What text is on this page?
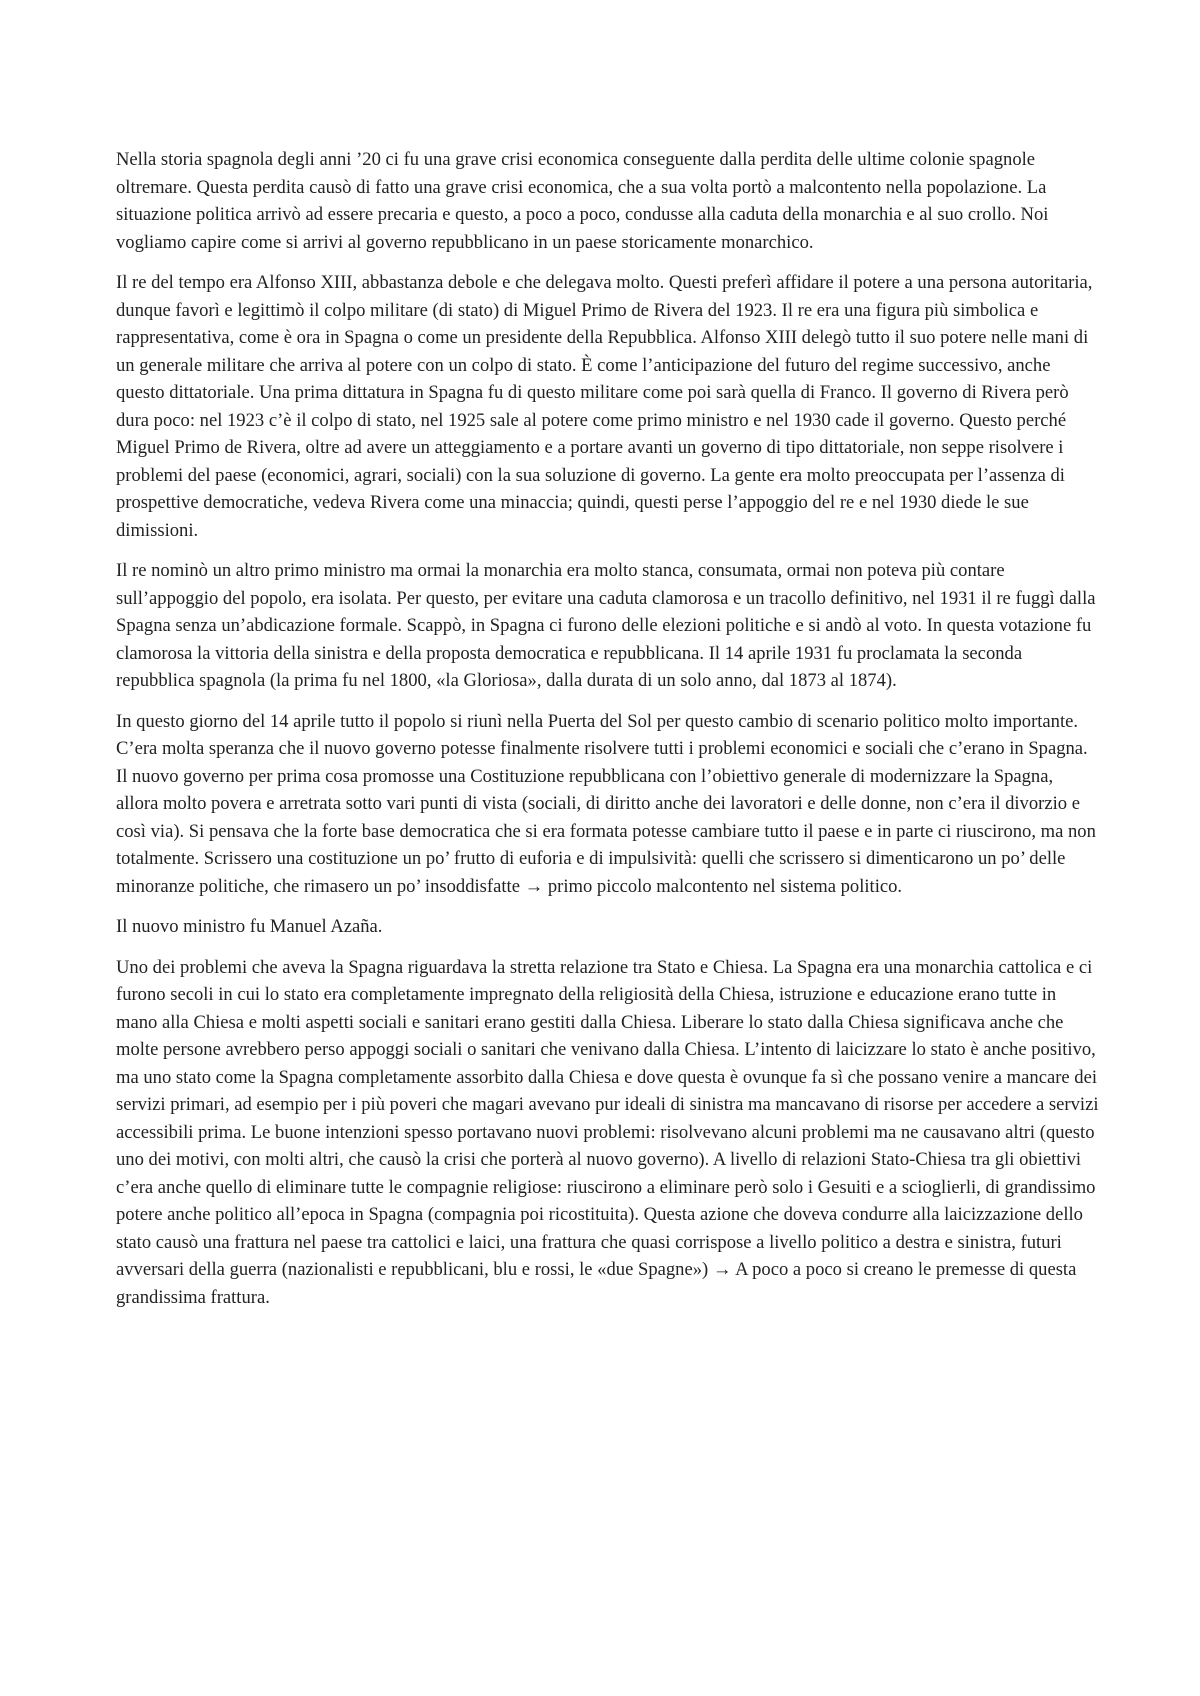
Nella storia spagnola degli anni ’20 ci fu una grave crisi economica conseguente dalla perdita delle ultime colonie spagnole oltremare. Questa perdita causò di fatto una grave crisi economica, che a sua volta portò a malcontento nella popolazione. La situazione politica arrivò ad essere precaria e questo, a poco a poco, condusse alla caduta della monarchia e al suo crollo. Noi vogliamo capire come si arrivi al governo repubblicano in un paese storicamente monarchico.

Il re del tempo era Alfonso XIII, abbastanza debole e che delegava molto. Questi preferì affidare il potere a una persona autoritaria, dunque favorì e legittimò il colpo militare (di stato) di Miguel Primo de Rivera del 1923. Il re era una figura più simbolica e rappresentativa, come è ora in Spagna o come un presidente della Repubblica. Alfonso XIII delegò tutto il suo potere nelle mani di un generale militare che arriva al potere con un colpo di stato. È come l’anticipazione del futuro del regime successivo, anche questo dittatoriale. Una prima dittatura in Spagna fu di questo militare come poi sarà quella di Franco. Il governo di Rivera però dura poco: nel 1923 c’è il colpo di stato, nel 1925 sale al potere come primo ministro e nel 1930 cade il governo. Questo perché Miguel Primo de Rivera, oltre ad avere un atteggiamento e a portare avanti un governo di tipo dittatoriale, non seppe risolvere i problemi del paese (economici, agrari, sociali) con la sua soluzione di governo. La gente era molto preoccupata per l’assenza di prospettive democratiche, vedeva Rivera come una minaccia; quindi, questi perse l’appoggio del re e nel 1930 diede le sue dimissioni.

Il re nominò un altro primo ministro ma ormai la monarchia era molto stanca, consumata, ormai non poteva più contare sull’appoggio del popolo, era isolata. Per questo, per evitare una caduta clamorosa e un tracollo definitivo, nel 1931 il re fuggì dalla Spagna senza un’abdicazione formale. Scappò, in Spagna ci furono delle elezioni politiche e si andò al voto. In questa votazione fu clamorosa la vittoria della sinistra e della proposta democratica e repubblicana. Il 14 aprile 1931 fu proclamata la seconda repubblica spagnola (la prima fu nel 1800, «la Gloriosa», dalla durata di un solo anno, dal 1873 al 1874).

In questo giorno del 14 aprile tutto il popolo si riunì nella Puerta del Sol per questo cambio di scenario politico molto importante. C’era molta speranza che il nuovo governo potesse finalmente risolvere tutti i problemi economici e sociali che c’erano in Spagna. Il nuovo governo per prima cosa promosse una Costituzione repubblicana con l’obiettivo generale di modernizzare la Spagna, allora molto povera e arretrata sotto vari punti di vista (sociali, di diritto anche dei lavoratori e delle donne, non c’era il divorzio e così via). Si pensava che la forte base democratica che si era formata potesse cambiare tutto il paese e in parte ci riuscirono, ma non totalmente. Scrissero una costituzione un po’ frutto di euforia e di impulsività: quelli che scrissero si dimenticarono un po’ delle minoranze politiche, che rimasero un po’ insoddisfatte → primo piccolo malcontento nel sistema politico.

Il nuovo ministro fu Manuel Azaña.

Uno dei problemi che aveva la Spagna riguardava la stretta relazione tra Stato e Chiesa. La Spagna era una monarchia cattolica e ci furono secoli in cui lo stato era completamente impregnato della religiosità della Chiesa, istruzione e educazione erano tutte in mano alla Chiesa e molti aspetti sociali e sanitari erano gestiti dalla Chiesa. Liberare lo stato dalla Chiesa significava anche che molte persone avrebbero perso appoggi sociali o sanitari che venivano dalla Chiesa. L’intento di laicizzare lo stato è anche positivo, ma uno stato come la Spagna completamente assorbito dalla Chiesa e dove questa è ovunque fa sì che possano venire a mancare dei servizi primari, ad esempio per i più poveri che magari avevano pur ideali di sinistra ma mancavano di risorse per accedere a servizi accessibili prima. Le buone intenzioni spesso portavano nuovi problemi: risolvevano alcuni problemi ma ne causavano altri (questo uno dei motivi, con molti altri, che causò la crisi che porterà al nuovo governo). A livello di relazioni Stato-Chiesa tra gli obiettivi c’era anche quello di eliminare tutte le compagnie religiose: riuscirono a eliminare però solo i Gesuiti e a scioglierli, di grandissimo potere anche politico all’epoca in Spagna (compagnia poi ricostituita). Questa azione che doveva condurre alla laicizzazione dello stato causò una frattura nel paese tra cattolici e laici, una frattura che quasi corrispose a livello politico a destra e sinistra, futuri avversari della guerra (nazionalisti e repubblicani, blu e rossi, le «due Spagne») → A poco a poco si creano le premesse di questa grandissima frattura.
